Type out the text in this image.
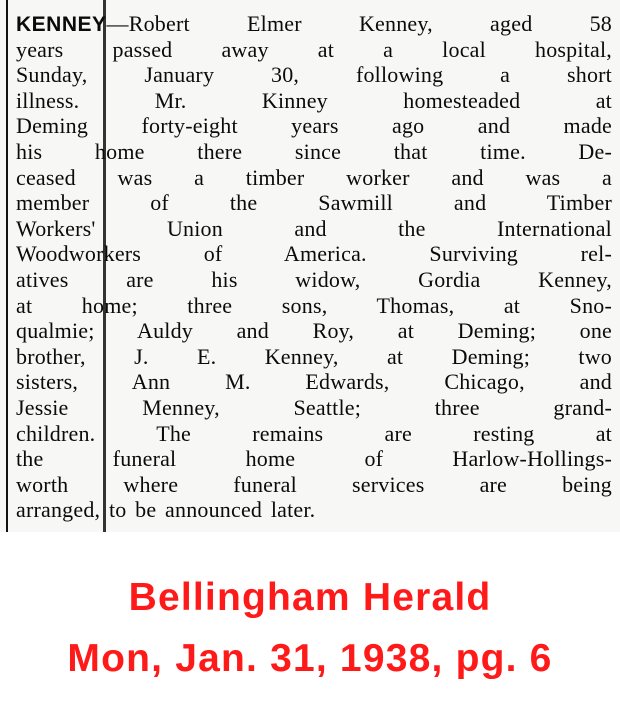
KENNEY—Robert Elmer Kenney, aged 58
years passed away at a local hospital,
Sunday, January 30, following a short
illness. Mr. Kinney homesteaded at
Deming forty-eight years ago and made
his home there since that time. De-
ceased was a timber worker and was a
member of the Sawmill and Timber
Workers' Union and the International
Woodworkers of America. Surviving rel-
atives are his widow, Gordia Kenney,
at home; three sons, Thomas, at Sno-
qualmie; Auldy and Roy, at Deming; one
brother, J. E. Kenney, at Deming; two
sisters, Ann M. Edwards, Chicago, and
Jessie Menney, Seattle; three grand-
children. The remains are resting at
the funeral home of Harlow-Hollings-
worth where funeral services are being
arranged, to be announced later.
Bellingham Herald
Mon, Jan. 31, 1938, pg. 6
